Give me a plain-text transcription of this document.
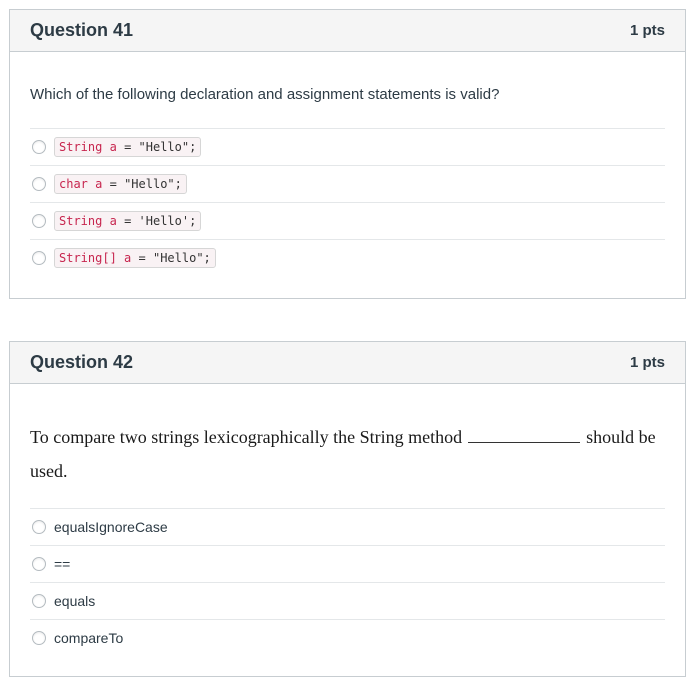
Question 41	1 pts
Which of the following declaration and assignment statements is valid?
String a = "Hello";
char a = "Hello";
String a = 'Hello';
String[] a = "Hello";
Question 42	1 pts
To compare two strings lexicographically the String method	should be used.
equalsIgnoreCase
==
equals
compareTo
